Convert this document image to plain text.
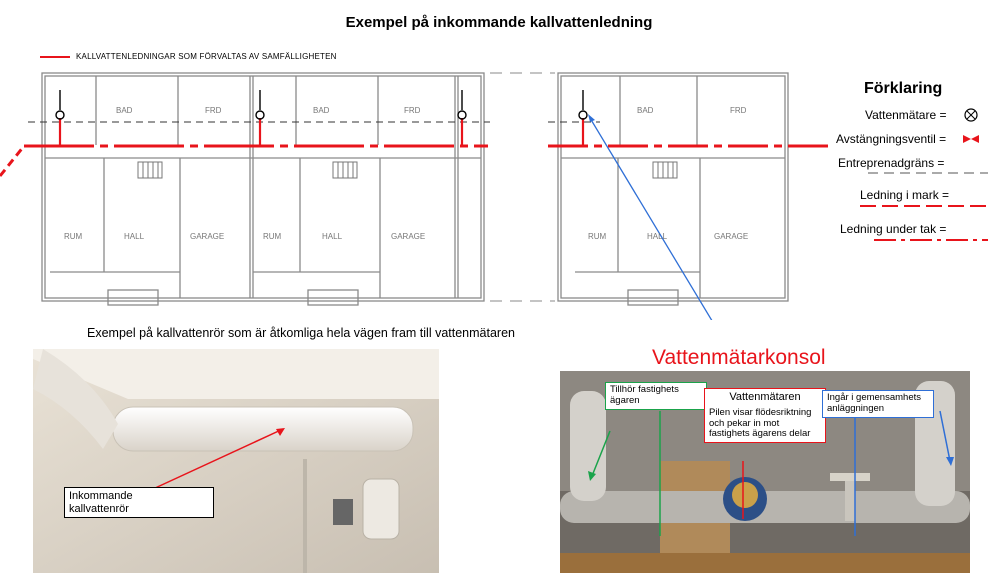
Exempel på inkommande kallvattenledning
KALLVATTENLEDNINGAR SOM FÖRVALTAS AV SAMFÄLLIGHETEN
BAD	FRD	BAD	FRD	BAD	FRD
RUM	HALL	GARAGE	RUM	HALL	GARAGE	RUM	HALL	GARAGE
Förklaring
Vattenmätare =
Avstängningsventil =
Entreprenadgräns =
Ledning i mark =
Ledning under tak =
Exempel på kallvattenrör som är åtkomliga hela vägen fram till vattenmätaren
Inkommande
kallvattenrör
Vattenmätarkonsol
Tillhör fastighets ägaren	Vattenmätaren
Pilen visar flödesriktning och pekar in mot fastighets ägarens delar
Ingår i gemensamhets anläggningen
